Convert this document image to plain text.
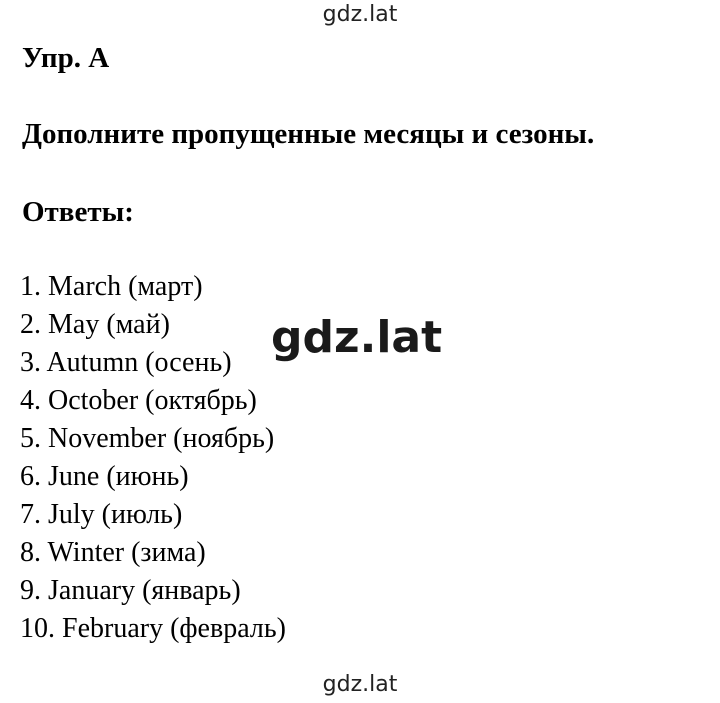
gdz.lat
Упр. A

Дополните пропущенные месяцы и сезоны.

Ответы:

1. March (март)
2. May (май)
3. Autumn (осень)
4. October (октябрь)
5. November (ноябрь)
6. June (июнь)
7. July (июль)
8. Winter (зима)
9. January (январь)
10. February (февраль)
gdz.lat
gdz.lat
